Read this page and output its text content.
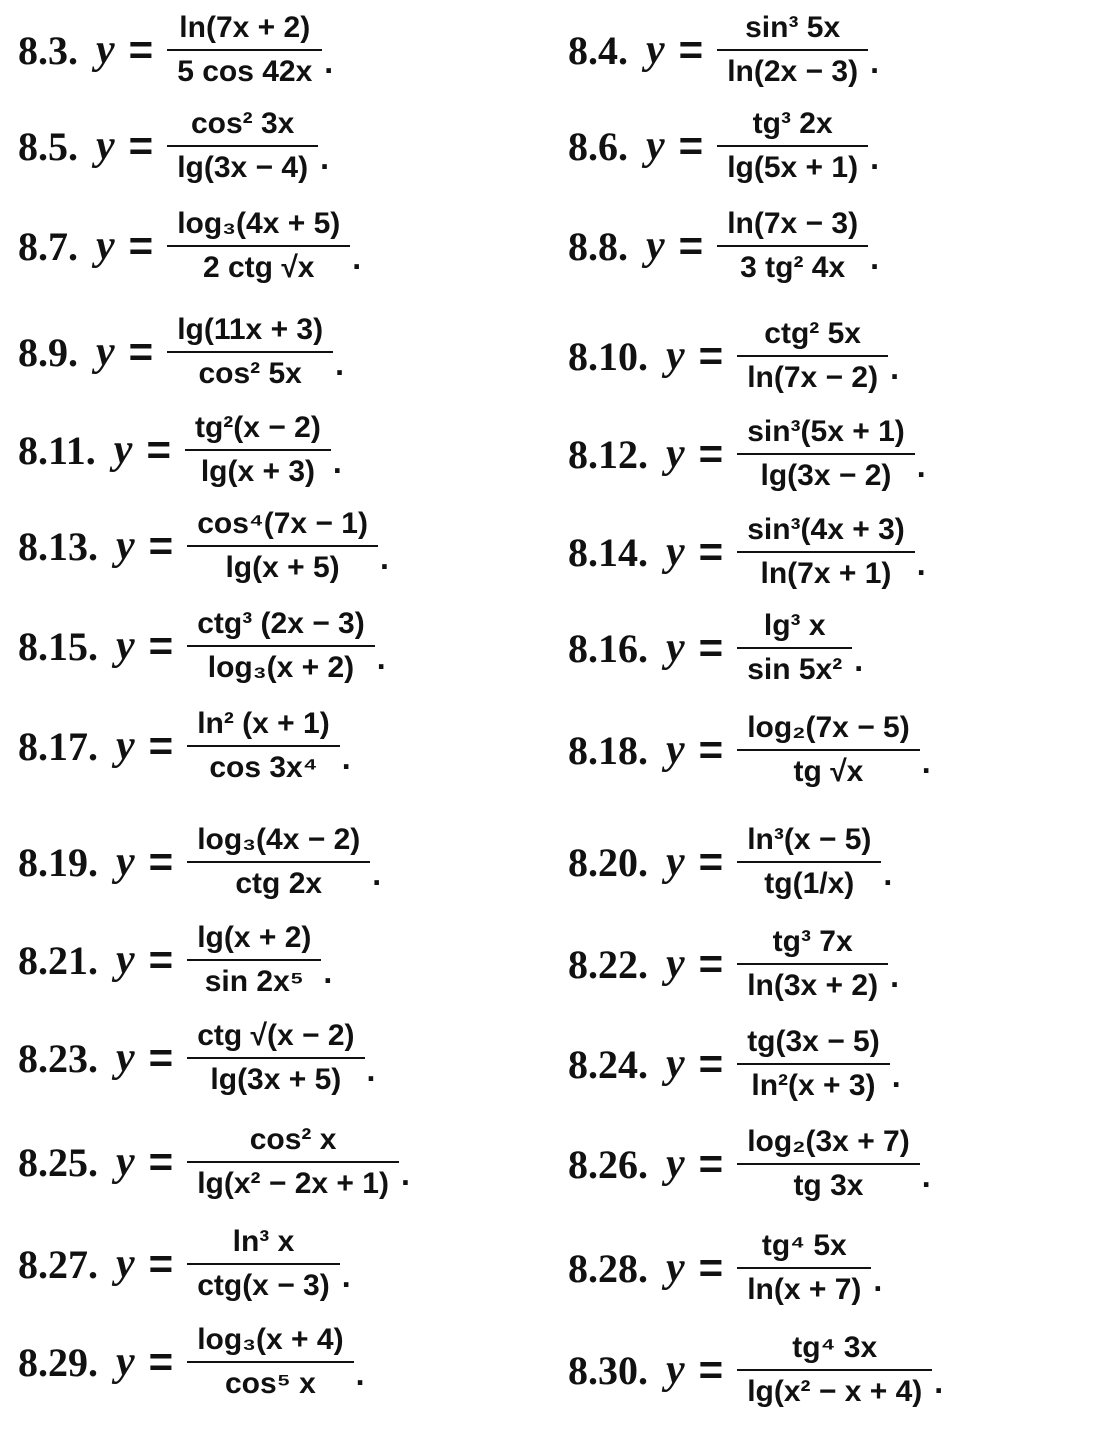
8.3. $y = \frac{\ln(7x + 2)}{5 \cos 42x}$ .
8.5. $y = \frac{\text{cos² 3x}}{\lg(3x - 4)}$ .
8.7. $y = \frac{\text{log₃(4x + 5)}}{\text{2 ctg √x}}$ .
8.9. $y = \frac{\lg(11x + 3)}{\text{cos² 5x}}$ .
8.11. $y = \frac{\text{tg²(x − 2)}}{\lg(x + 3)}$ .
8.13. $y = \frac{\text{cos⁴(7x − 1)}}{\lg(x + 5)}$ .
8.15. $y = \frac{\text{ctg³ (2x − 3)}}{\text{log₃(x + 2)}}$ .
8.17. $y = \frac{\text{ln² (x + 1)}}{\text{cos 3x⁴}}$ .
8.19. $y = \frac{\text{log₃(4x − 2)}}{\text{ctg 2x}}$ .
8.21. $y = \frac{\lg(x + 2)}{\text{sin 2x⁵}}$ .
8.23. $y = \frac{\text{ctg √(x − 2)}}{\lg(3x + 5)}$ .
8.25. $y = \frac{\text{cos² x}}{\text{lg(x² − 2x + 1)}}$ .
8.27. $y = \frac{\text{ln³ x}}{\text{ctg(x − 3)}}$ .
8.29. $y = \frac{\text{log₃(x + 4)}}{\text{cos⁵ x}}$ .
8.4. $y = \frac{\text{sin³ 5x}}{\ln(2x - 3)}$ .
8.6. $y = \frac{\text{tg³ 2x}}{\lg(5x + 1)}$ .
8.8. $y = \frac{\ln(7x - 3)}{\text{3 tg² 4x}}$ .
8.10. $y = \frac{\text{ctg² 5x}}{\ln(7x - 2)}$ .
8.12. $y = \frac{\text{sin³(5x + 1)}}{\lg(3x - 2)}$ .
8.14. $y = \frac{\text{sin³(4x + 3)}}{\ln(7x + 1)}$ .
8.16. $y = \frac{\text{lg³ x}}{\text{sin 5x²}}$ .
8.18. $y = \frac{\text{log₂(7x − 5)}}{tg √x}$ .
8.20. $y = \frac{\text{ln³(x − 5)}}{tg(1/x)}$ .
8.22. $y = \frac{\text{tg³ 7x}}{\ln(3x + 2)}$ .
8.24. $y = \frac{tg(3x - 5)}{\text{ln²(x + 3)}}$ .
8.26. $y = \frac{\text{log₂(3x + 7)}}{tg 3x}$ .
8.28. $y = \frac{\text{tg⁴ 5x}}{\ln(x + 7)}$ .
8.30. $y = \frac{\text{tg⁴ 3x}}{\text{lg(x² − x + 4)}}$ .
